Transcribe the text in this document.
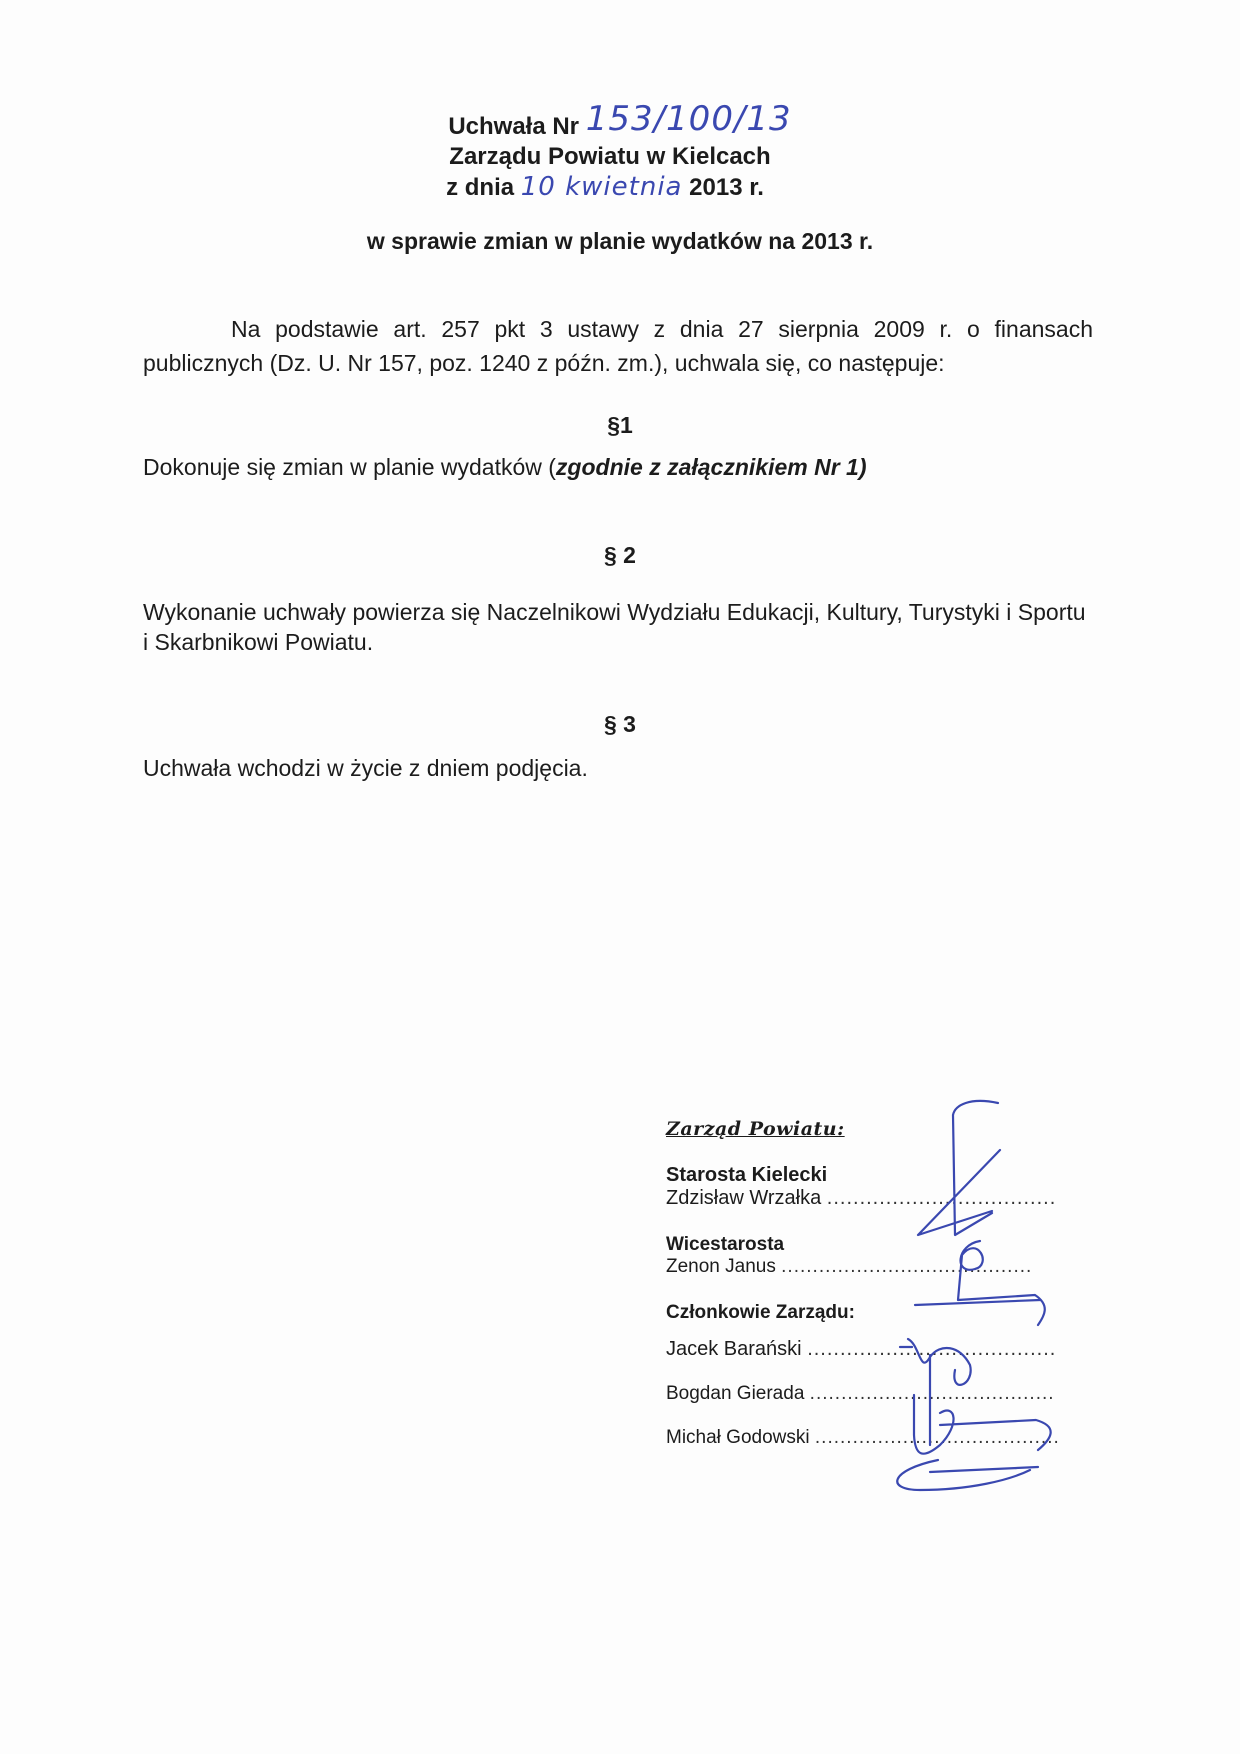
Uchwała Nr 153/100/13
Zarządu Powiatu w Kielcach
z dnia 10 kwietnia 2013 r.
w sprawie zmian w planie wydatków na 2013 r.
Na podstawie art. 257 pkt 3 ustawy z dnia 27 sierpnia 2009 r. o finansach publicznych (Dz. U. Nr 157, poz. 1240 z późn. zm.), uchwala się, co następuje:
§1
Dokonuje się zmian w planie wydatków (zgodnie z załącznikiem Nr 1)
§ 2
Wykonanie uchwały powierza się Naczelnikowi Wydziału Edukacji, Kultury, Turystyki i Sportu i Skarbnikowi Powiatu.
§ 3
Uchwała wchodzi w życie z dniem podjęcia.
Zarząd Powiatu:
Starosta Kielecki
Zdzisław Wrzałka ...................................
Wicestarosta
Zenon Janus ........................................
Członkowie Zarządu:
Jacek Barański ......................................
Bogdan Gierada .......................................
Michał Godowski .......................................
